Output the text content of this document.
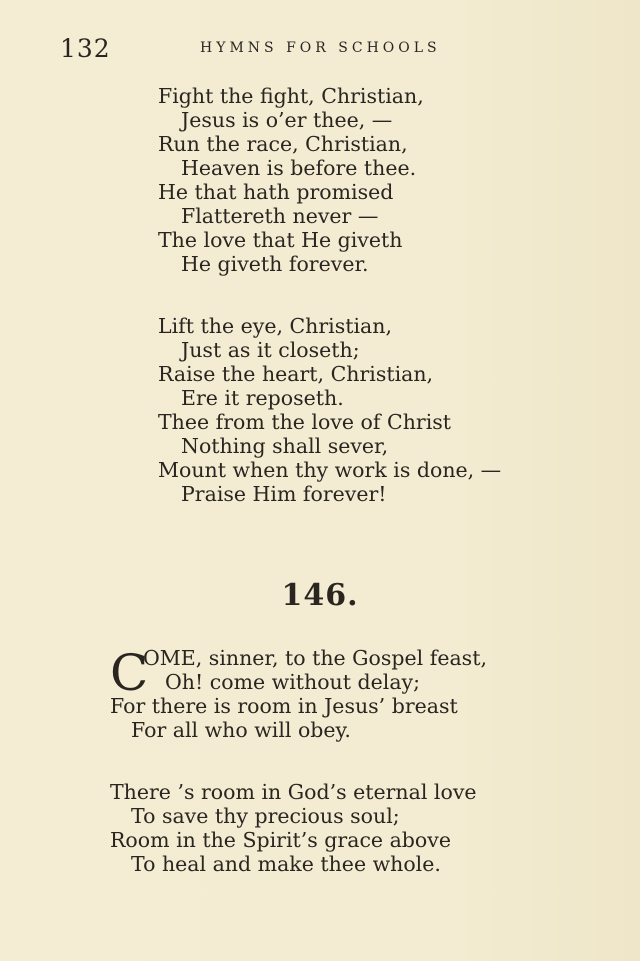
132	HYMNS FOR SCHOOLS
Fight the fight, Christian,
Jesus is o’er thee, —
Run the race, Christian,
Heaven is before thee.
He that hath promised
Flattereth never —
The love that He giveth
He giveth forever.
Lift the eye, Christian,
Just as it closeth;
Raise the heart, Christian,
Ere it reposeth.
Thee from the love of Christ
Nothing shall sever,
Mount when thy work is done, —
Praise Him forever!
146.
C
OME, sinner, to the Gospel feast,
Oh! come without delay;
For there is room in Jesus’ breast
For all who will obey.
There ’s room in God’s eternal love
To save thy precious soul;
Room in the Spirit’s grace above
To heal and make thee whole.
